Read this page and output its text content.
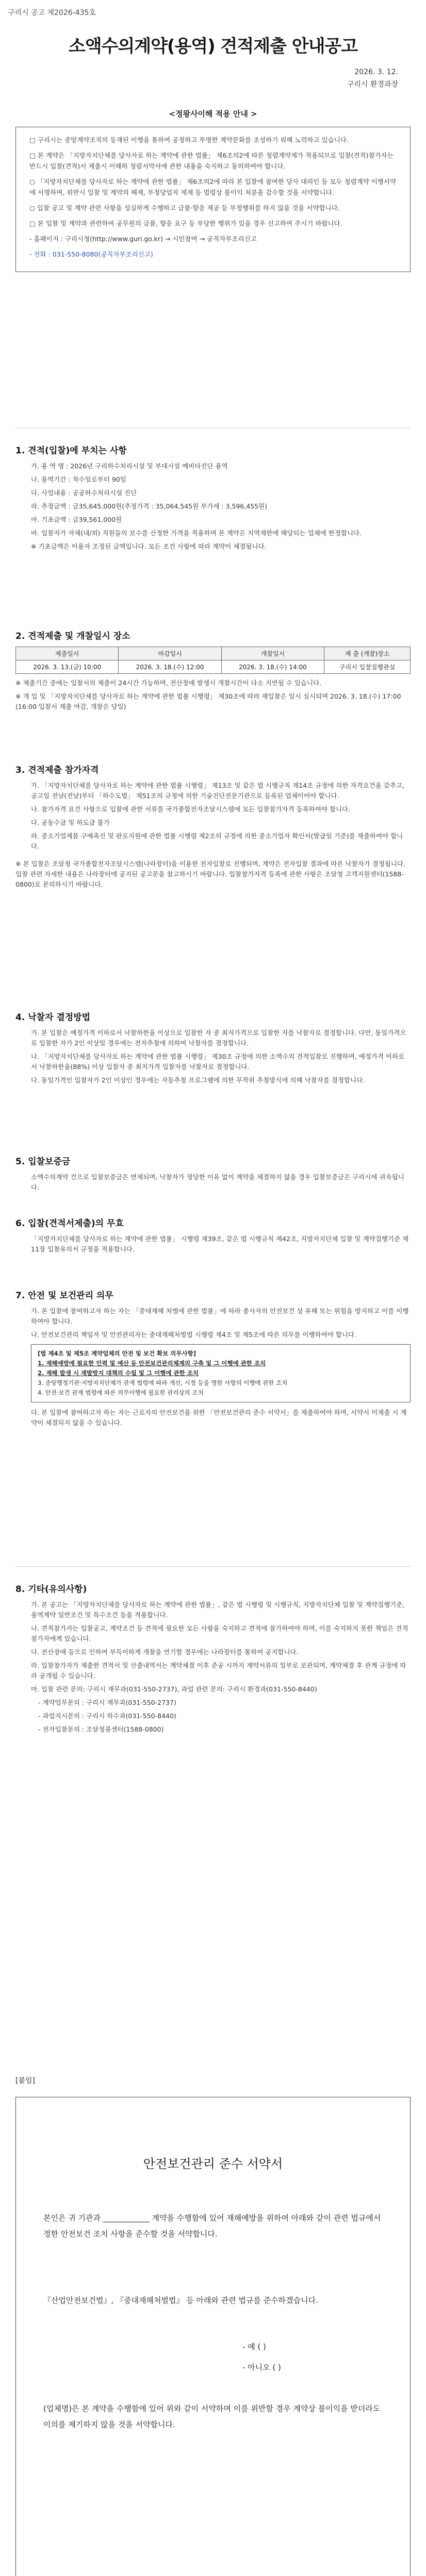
구리시 공고 제2026-435호
소액수의계약(용역) 견적제출 안내공고
2026. 3. 12.
구리시 환경과장
<정왕사이해 적용 안내 >

□ 구리시는 중앙계약조직의 등재된 이행을 통하여 공정하고 투명한 계약문화를 조성하기 위해 노력하고 있습니다.

□ 본 계약은 「지방자치단체를 당사자로 하는 계약에 관한 법률」 제6조의2에 따른 청렴계약제가 적용되므로 입찰(견적)참가자는 반드시 입찰(견적)서 제출시 이해하 청렴서약서에 관한 내용을 숙지하고 동의하여야 합니다.

○ 「지방자치단체를 당사자로 하는 계약에 관한 법률」 제6조의2에 따라 본 입찰에 참여한 당사 대리인 등 모두 청렴계약 이행서약에 서명하며, 위반시 입찰 및 계약의 해제, 부정당업자 제재 등 법령상 불이익 처분을 감수할 것을 서약합니다.

○ 입찰 공고 및 계약 관련 사항을 성실하게 수행하고 금품·향응 제공 등 부정행위를 하지 않을 것을 서약합니다.

□ 본 입찰 및 계약과 관련하여 공무원의 금품, 향응 요구 등 부당한 행위가 있을 경우 신고하여 주시기 바랍니다.

- 홈페이지 : 구리시청(http://www.guri.go.kr) → 시민참여 → 공직자부조리신고

- 전화 : 031-550-8080(공직자부조리신고)

1. 견적(입찰)에 부치는 사항

가. 용 역 명 : 2026년 구리하수처리시설 및 부대시설 예비타진단 용역

나. 용역기간 : 착수일로부터 90일

다. 사업내용 : 공공하수처리시설 진단

라. 추정금액 : 금35,645,000원(추정가격 : 35,064,545원 부가세 : 3,596,455원)

마. 기초금액 : 금39,561,000원

바. 입찰자가 자체(내/외) 직원들의 보수를 산정한 가격을 적용하며 본 계약은 지역제한에 해당되는 업체에 한정합니다.

※ 기초금액은 이용자 조정된 금액입니다. 모든 조건 사항에 따라 계약이 체결됩니다.

2. 견적제출 및 개찰일시 장소
제출일시	마감일시	개찰일시	제 출 (개찰)장소
2026. 3. 13.(금) 10:00	2026. 3. 18.(수) 12:00	2026. 3. 18.(수) 14:00	구리시 입찰집행관실

※ 제출기간 중에는 입찰서의 제출이 24시간 가능하며, 전산장애 발생시 개찰시간이 다소 지연될 수 있습니다.

※ 개 입 및 「지방자치단체를 당사자로 하는 계약에 관한 법률 시행령」 제30조에 따라 재입찰은 일시 실시되며 2026. 3. 18.(수) 17:00 (16:00 입찰서 제출 마감, 개찰은 당일)

3. 견적제출 참가자격

가. 「지방자치단체를 당사자로 하는 계약에 관한 법률 시행령」 제13조 및 같은 법 시행규칙 제14조 규정에 의한 자격요건을 갖추고, 공고일 전날(전날)부터 「하수도법」 제51조의 규정에 의한 기술진단전문기관으로 등록된 업체이어야 합니다.

나. 참가자격 요건 사항으로 입찰에 관한 서류를 국가종합전자조달시스템에 모든 입찰참가자격 등록하여야 합니다.

다. 공동수급 및 하도급 불가

라. 중소기업제품 구매촉진 및 판로지원에 관한 법률 시행령 제2조의 규정에 의한 중소기업자 확인서(발급일 기준)를 제출하여야 합니다.

※ 본 입찰은 조달청 국가종합전자조달시스템(나라장터)을 이용한 전자입찰로 진행되며, 계약은 전자입찰 결과에 따른 낙찰자가 결정됩니다. 입찰 관련 자세한 내용은 나라장터에 공지된 공고문을 참고하시기 바랍니다. 입찰참가자격 등록에 관한 사항은 조달청 고객지원센터(1588-0800)로 문의하시기 바랍니다.

4. 낙찰자 결정방법

가. 본 입찰은 예정가격 이하로서 낙찰하한율 이상으로 입찰한 자 중 최저가격으로 입찰한 자를 낙찰자로 결정합니다. 다만, 동일가격으로 입찰한 자가 2인 이상일 경우에는 전자추첨에 의하여 낙찰자를 결정합니다.

나. 「지방자치단체를 당사자로 하는 계약에 관한 법률 시행령」 제30조 규정에 의한 소액수의 견적입찰로 진행하며, 예정가격 이하로서 낙찰하한율(88%) 이상 입찰자 중 최저가격 입찰자를 낙찰자로 결정합니다.

다. 동일가격인 입찰자가 2인 이상인 경우에는 자동추첨 프로그램에 의한 무작위 추첨방식에 의해 낙찰자를 결정합니다.

5. 입찰보증금

소액수의계약 건으로 입찰보증금은 면제되며, 낙찰자가 정당한 이유 없이 계약을 체결하지 않을 경우 입찰보증금은 구리시에 귀속됩니다.

6. 입찰(견적서제출)의 무효

「지방자치단체를 당사자로 하는 계약에 관한 법률」 시행령 제39조, 같은 법 시행규칙 제42조, 지방자치단체 입찰 및 계약집행기준 제11장 입찰유의서 규정을 적용합니다.

7. 안전 및 보건관리 의무

가. 본 입찰에 참여하고자 하는 자는 「중대재해 처벌에 관한 법률」에 따라 종사자의 안전보건 상 유해 또는 위험을 방지하고 이를 이행하여야 합니다.

나. 안전보건관리 책임자 및 안전관리자는 중대재해처벌법 시행령 제4조 및 제5조에 따른 의무를 이행하여야 합니다.

[법 제4조 및 제5조 계약업체의 안전 및 보건 확보 의무사항]
1. 재해예방에 필요한 인력 및 예산 등 안전보건관리체계의 구축 및 그 이행에 관한 조치
2. 재해 발생 시 재발방지 대책의 수립 및 그 이행에 관한 조치
3. 중앙행정기관·지방자치단체가 관계 법령에 따라 개선, 시정 등을 명한 사항의 이행에 관한 조치
4. 안전·보건 관계 법령에 따른 의무이행에 필요한 관리상의 조치

다. 본 입찰에 참여하고자 하는 자는 근로자의 안전보건을 위한 「안전보건관리 준수 서약서」를 제출하여야 하며, 서약서 미제출 시 계약이 체결되지 않을 수 있습니다.

8. 기타(유의사항)

가. 본 공고는 「지방자치단체를 당사자로 하는 계약에 관한 법률」, 같은 법 시행령 및 시행규칙, 지방자치단체 입찰 및 계약집행기준, 용역계약 일반조건 및 특수조건 등을 적용합니다.

나. 견적참가자는 입찰공고, 계약조건 등 견적에 필요한 모든 사항을 숙지하고 견적에 참가하여야 하며, 이를 숙지하지 못한 책임은 견적참가자에게 있습니다.

다. 전산장애 등으로 인하여 부득이하게 개찰을 연기할 경우에는 나라장터를 통하여 공지합니다.

라. 입찰참가자가 제출한 견적서 및 산출내역서는 계약체결 이후 준공 시까지 계약서류의 일부로 보관되며, 계약체결 후 관계 규정에 따라 공개될 수 있습니다.

마. 입찰 관련 문의: 구리시 재무과(031-550-2737), 과업 관련 문의: 구리시 환경과(031-550-8440)

- 계약업무문의 : 구리시 재무과(031-550-2737)

- 과업지시문의 : 구리시 하수과(031-550-8440)

- 전자입찰문의 : 조달청콜센터(1588-0800)

[붙임]
안전보건관리 준수 서약서
본인은 귀 기관과 ____________ 계약을 수행함에 있어 재해예방을 위하여 아래와 같이 관련 법규에서 정한 안전보건 조치 사항을 준수할 것을 서약합니다.
『산업안전보건법』, 『중대재해처벌법』 등 아래와 관련 법규를 준수하겠습니다.
- 예 ( )
- 아니오 ( )
(업체명)은 본 계약을 수행함에 있어 위와 같이 서약하며 이를 위반할 경우 계약상 불이익을 받더라도 이의를 제기하지 않을 것을 서약합니다.
